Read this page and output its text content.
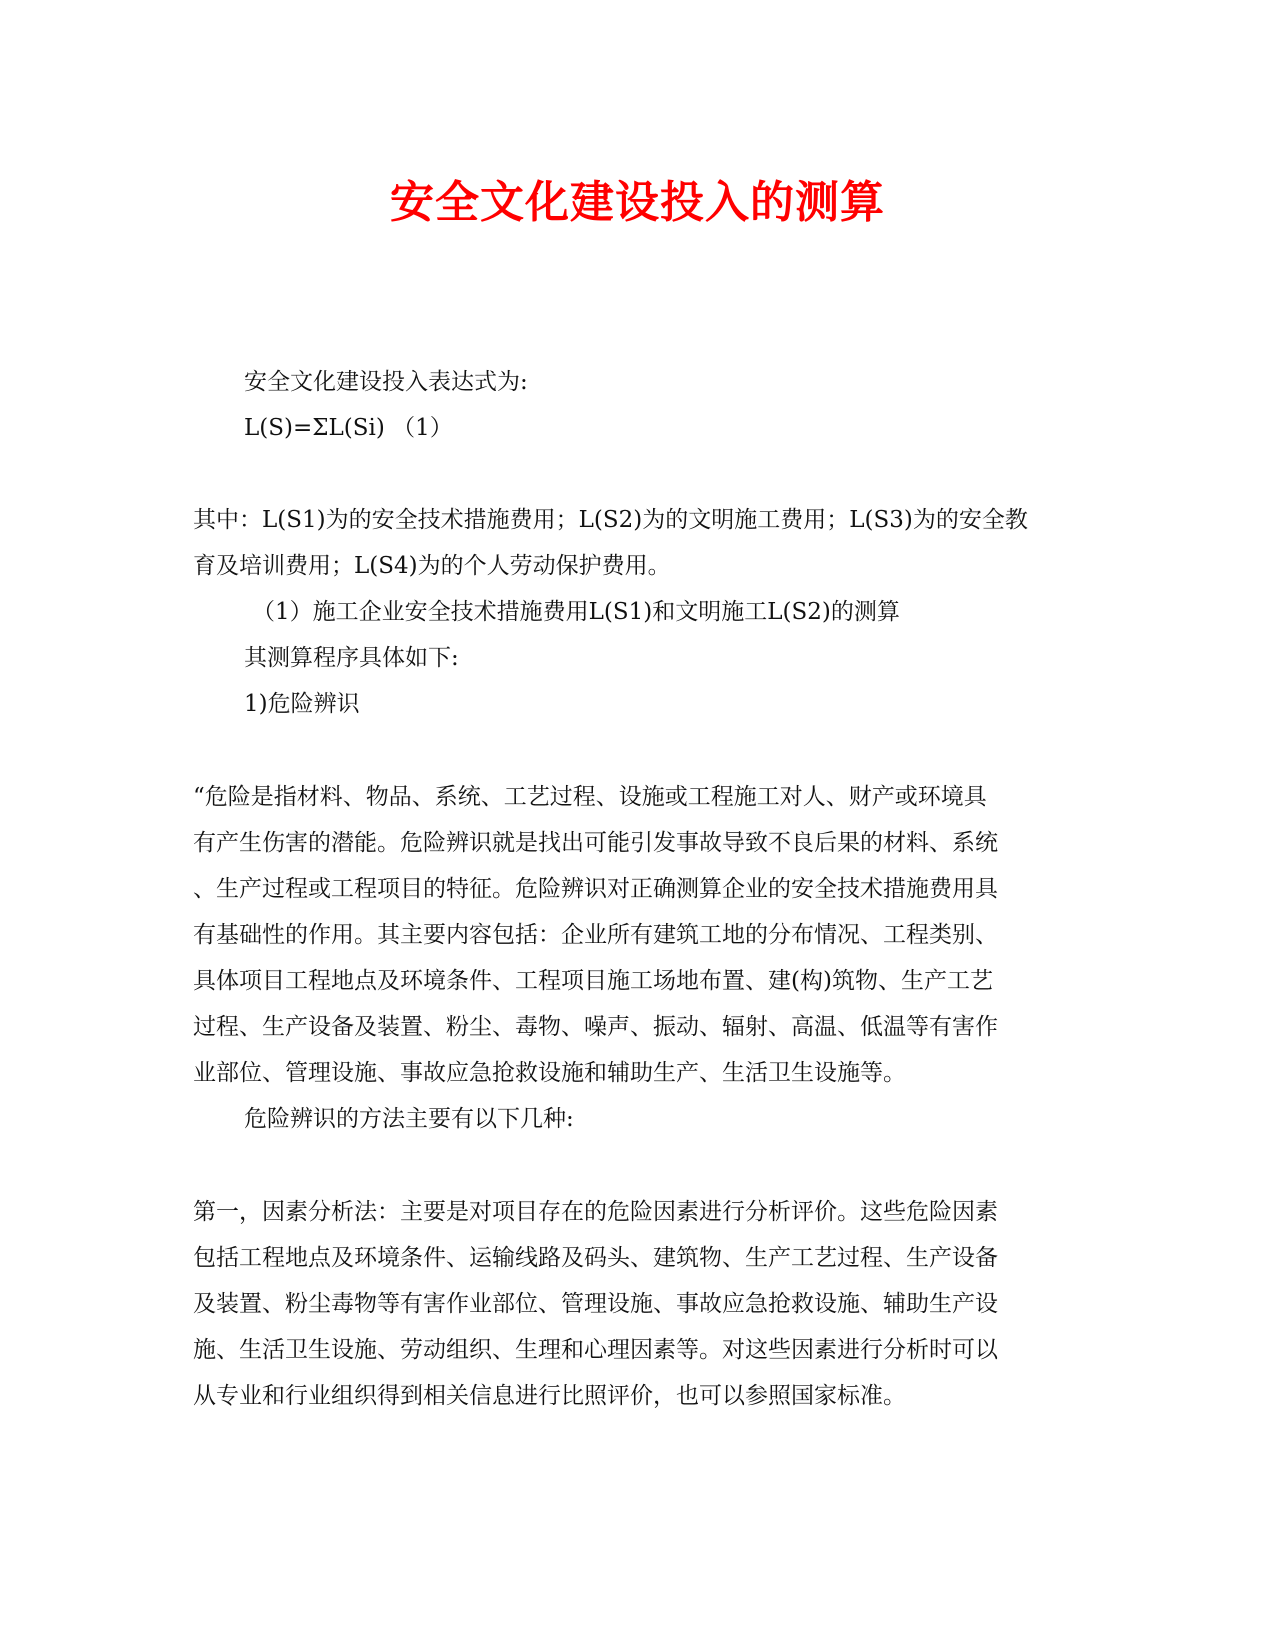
安全文化建设投入的测算
安全文化建设投入表达式为:
L(S)=ΣL(Si) （1）
其中：L(S1)为的安全技术措施费用；L(S2)为的文明施工费用；L(S3)为的安全教
育及培训费用；L(S4)为的个人劳动保护费用。
（1）施工企业安全技术措施费用L(S1)和文明施工L(S2)的测算
其测算程序具体如下:
1)危险辨识
“危险是指材料、物品、系统、工艺过程、设施或工程施工对人、财产或环境具
有产生伤害的潜能。危险辨识就是找出可能引发事故导致不良后果的材料、系统
、生产过程或工程项目的特征。危险辨识对正确测算企业的安全技术措施费用具
有基础性的作用。其主要内容包括：企业所有建筑工地的分布情况、工程类别、
具体项目工程地点及环境条件、工程项目施工场地布置、建(构)筑物、生产工艺
过程、生产设备及装置、粉尘、毒物、噪声、振动、辐射、高温、低温等有害作
业部位、管理设施、事故应急抢救设施和辅助生产、生活卫生设施等。
危险辨识的方法主要有以下几种:
第一，因素分析法：主要是对项目存在的危险因素进行分析评价。这些危险因素
包括工程地点及环境条件、运输线路及码头、建筑物、生产工艺过程、生产设备
及装置、粉尘毒物等有害作业部位、管理设施、事故应急抢救设施、辅助生产设
施、生活卫生设施、劳动组织、生理和心理因素等。对这些因素进行分析时可以
从专业和行业组织得到相关信息进行比照评价，也可以参照国家标准。
